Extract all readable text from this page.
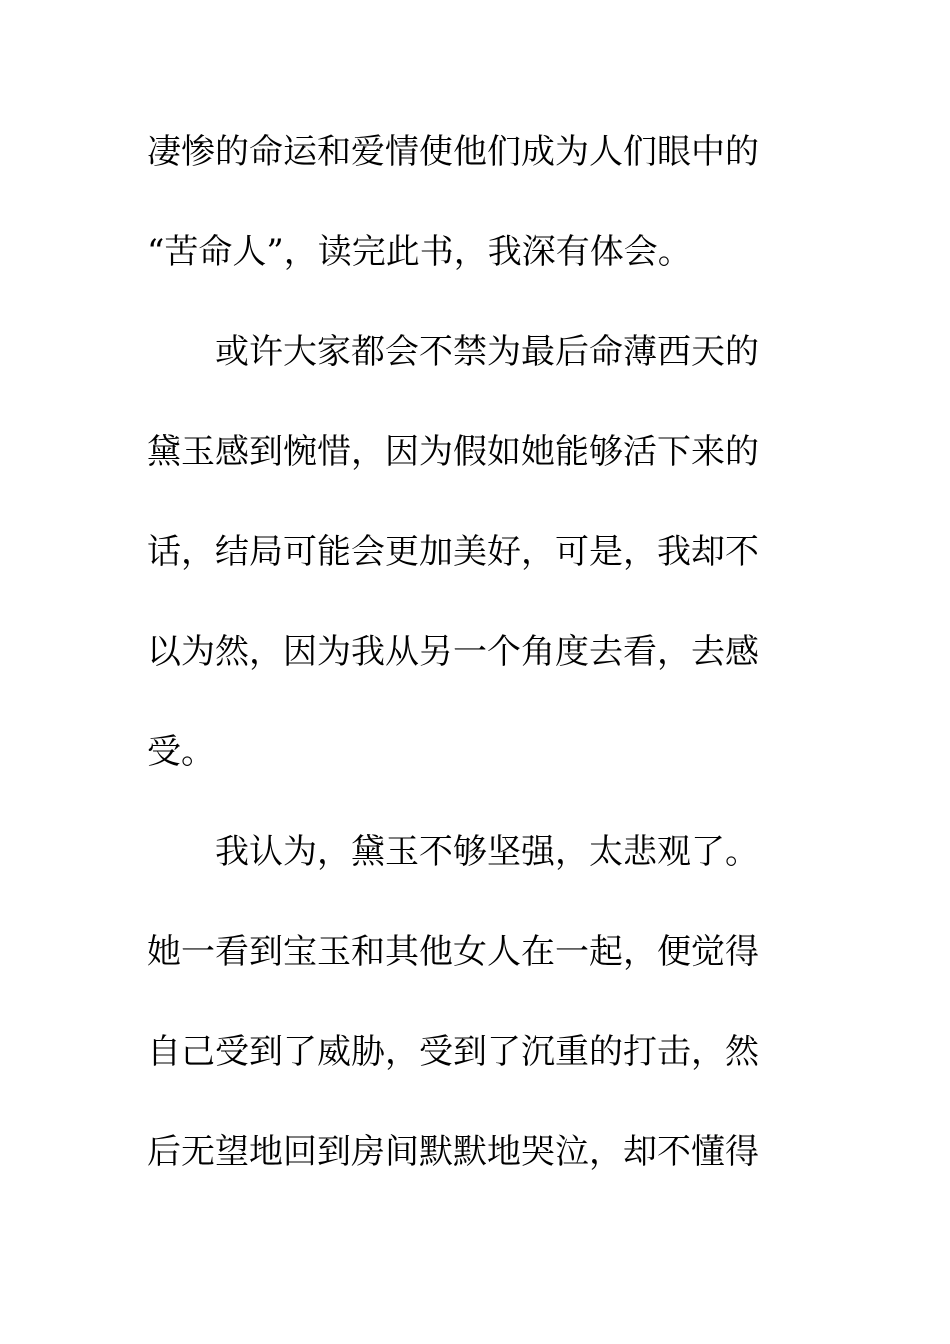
凄惨的命运和爱情使他们成为人们眼中的
“苦命人”，读完此书，我深有体会。
或许大家都会不禁为最后命薄西天的
黛玉感到惋惜，因为假如她能够活下来的
话，结局可能会更加美好，可是，我却不
以为然，因为我从另一个角度去看，去感
受。
我认为，黛玉不够坚强，太悲观了。
她一看到宝玉和其他女人在一起，便觉得
自己受到了威胁，受到了沉重的打击，然
后无望地回到房间默默地哭泣，却不懂得
